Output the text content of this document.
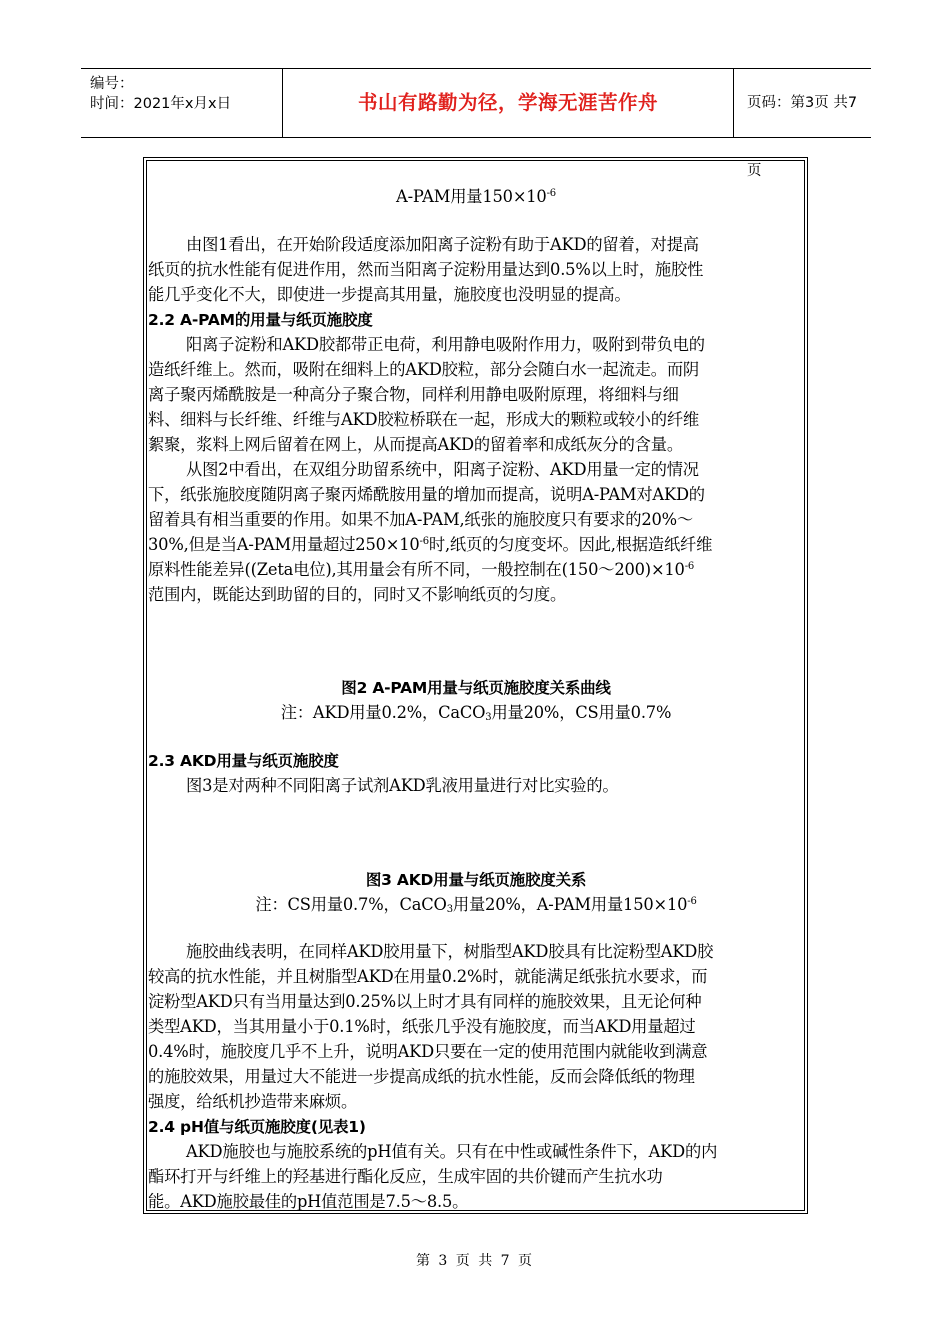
编号：
时间：2021年x月x日	书山有路勤为径，学海无涯苦作舟	页码：第3页 共7页
A-PAM用量$150\times 10^{-6}$
由图1看出，在开始阶段适度添加阳离子淀粉有助于AKD的留着，对提高
纸页的抗水性能有促进作用，然而当阳离子淀粉用量达到0.5%以上时，施胶性
能几乎变化不大，即使进一步提高其用量，施胶度也没明显的提高。
2.2 A-PAM的用量与纸页施胶度
阳离子淀粉和AKD胶都带正电荷，利用静电吸附作用力，吸附到带负电的
造纸纤维上。然而，吸附在细料上的AKD胶粒，部分会随白水一起流走。而阴
离子聚丙烯酰胺是一种高分子聚合物，同样利用静电吸附原理，将细料与细
料、细料与长纤维、纤维与AKD胶粒桥联在一起，形成大的颗粒或较小的纤维
絮聚，浆料上网后留着在网上，从而提高AKD的留着率和成纸灰分的含量。
从图2中看出，在双组分助留系统中，阳离子淀粉、AKD用量一定的情况
下，纸张施胶度随阴离子聚丙烯酰胺用量的增加而提高，说明A-PAM对AKD的
留着具有相当重要的作用。如果不加A-PAM,纸张的施胶度只有要求的20%～
30%,但是当A-PAM用量超过$250\times 10^{-6}$时,纸页的匀度变坏。因此,根据造纸纤维
原料性能差异((Zeta电位),其用量会有所不同，一般控制在$(150\sim 200)\times 10^{-6}$
范围内，既能达到助留的目的，同时又不影响纸页的匀度。
图2 A-PAM用量与纸页施胶度关系曲线
注：AKD用量0.2%，CaCO$_3$用量20%，CS用量0.7%
2.3 AKD用量与纸页施胶度
图3是对两种不同阳离子试剂AKD乳液用量进行对比实验的。
图3 AKD用量与纸页施胶度关系
注：CS用量0.7%，CaCO$_3$用量20%，A-PAM用量$150\times 10^{-6}$
施胶曲线表明，在同样AKD胶用量下，树脂型AKD胶具有比淀粉型AKD胶
较高的抗水性能，并且树脂型AKD在用量0.2%时，就能满足纸张抗水要求，而
淀粉型AKD只有当用量达到0.25%以上时才具有同样的施胶效果，且无论何种
类型AKD，当其用量小于0.1%时，纸张几乎没有施胶度，而当AKD用量超过
0.4%时，施胶度几乎不上升，说明AKD只要在一定的使用范围内就能收到满意
的施胶效果，用量过大不能进一步提高成纸的抗水性能，反而会降低纸的物理
强度，给纸机抄造带来麻烦。
2.4 pH值与纸页施胶度(见表1)
AKD施胶也与施胶系统的pH值有关。只有在中性或碱性条件下，AKD的内
酯环打开与纤维上的羟基进行酯化反应，生成牢固的共价键而产生抗水功
能。AKD施胶最佳的pH值范围是7.5～8.5。
第 3 页 共 7 页
